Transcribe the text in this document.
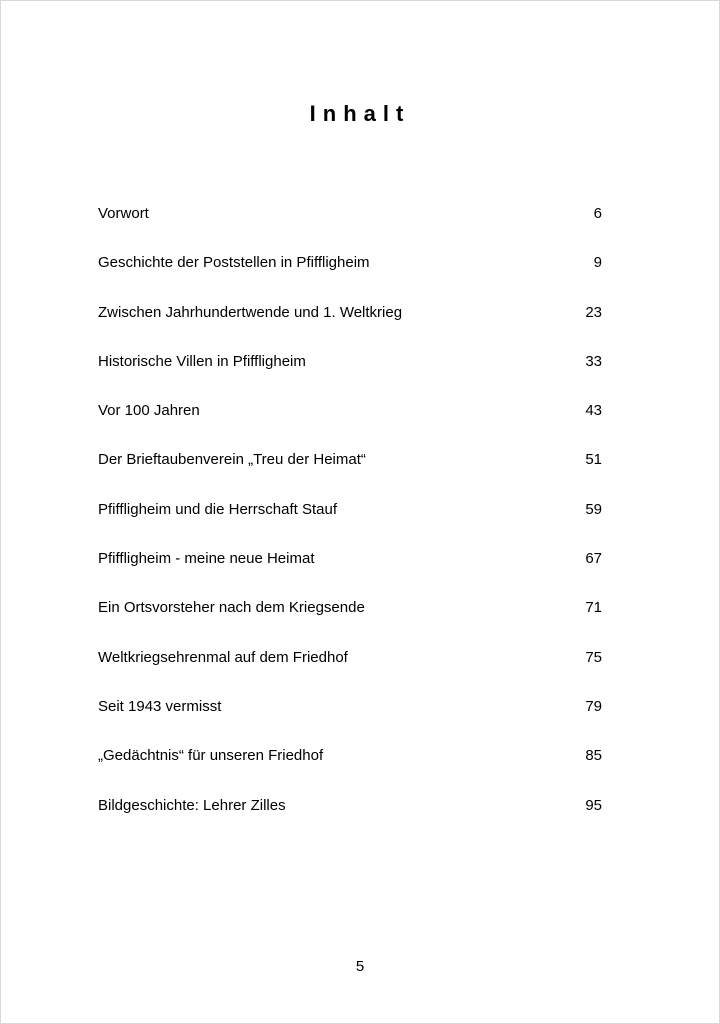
Inhalt
Vorwort	6
Geschichte der Poststellen in Pfiffligheim	9
Zwischen Jahrhundertwende und 1. Weltkrieg	23
Historische Villen in Pfiffligheim	33
Vor 100 Jahren	43
Der Brieftaubenverein „Treu der Heimat“	51
Pfiffligheim und die Herrschaft Stauf	59
Pfiffligheim - meine neue Heimat	67
Ein Ortsvorsteher nach dem Kriegsende	71
Weltkriegsehrenmal auf dem Friedhof	75
Seit 1943 vermisst	79
„Gedächtnis“ für unseren Friedhof	85
Bildgeschichte: Lehrer Zilles	95
5
